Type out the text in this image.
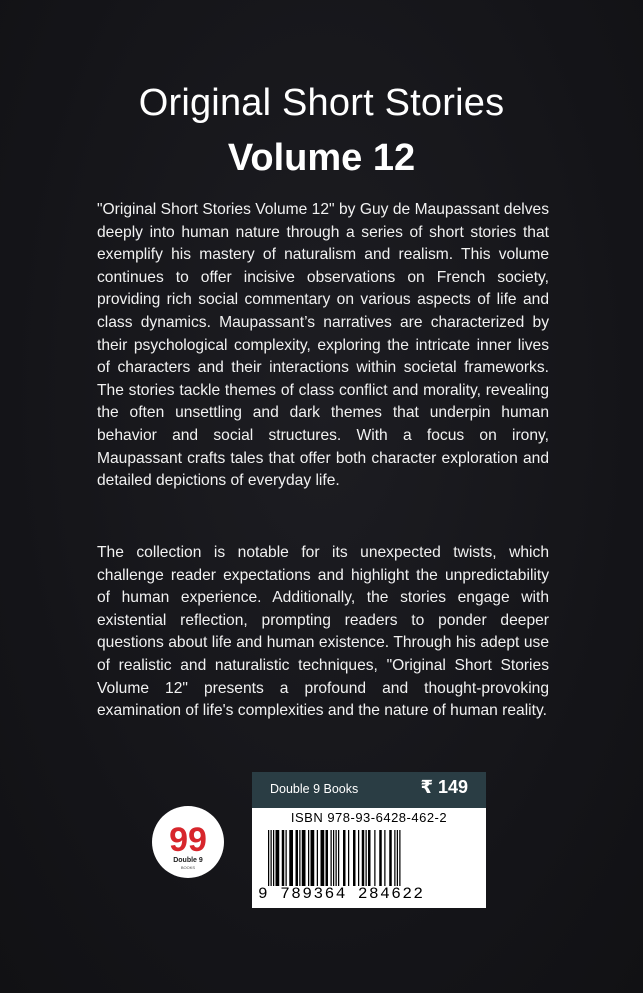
Original Short Stories
Volume 12
"Original Short Stories Volume 12" by Guy de Maupassant delves deeply into human nature through a series of short stories that exemplify his mastery of naturalism and realism. This volume continues to offer incisive observations on French society, providing rich social commentary on various aspects of life and class dynamics. Maupassant’s narratives are characterized by their psychological complexity, exploring the intricate inner lives of characters and their interactions within societal frameworks. The stories tackle themes of class conflict and morality, revealing the often unsettling and dark themes that underpin human behavior and social structures. With a focus on irony, Maupassant crafts tales that offer both character exploration and detailed depictions of everyday life.
The collection is notable for its unexpected twists, which challenge reader expectations and highlight the unpredictability of human experience. Additionally, the stories engage with existential reflection, prompting readers to ponder deeper questions about life and human existence. Through his adept use of realistic and naturalistic techniques, "Original Short Stories Volume 12" presents a profound and thought-provoking examination of life's complexities and the nature of human reality.
99
Double 9
BOOKS
Double 9 Books	₹ 149
ISBN 978-93-6428-462-2
9 789364 284622
